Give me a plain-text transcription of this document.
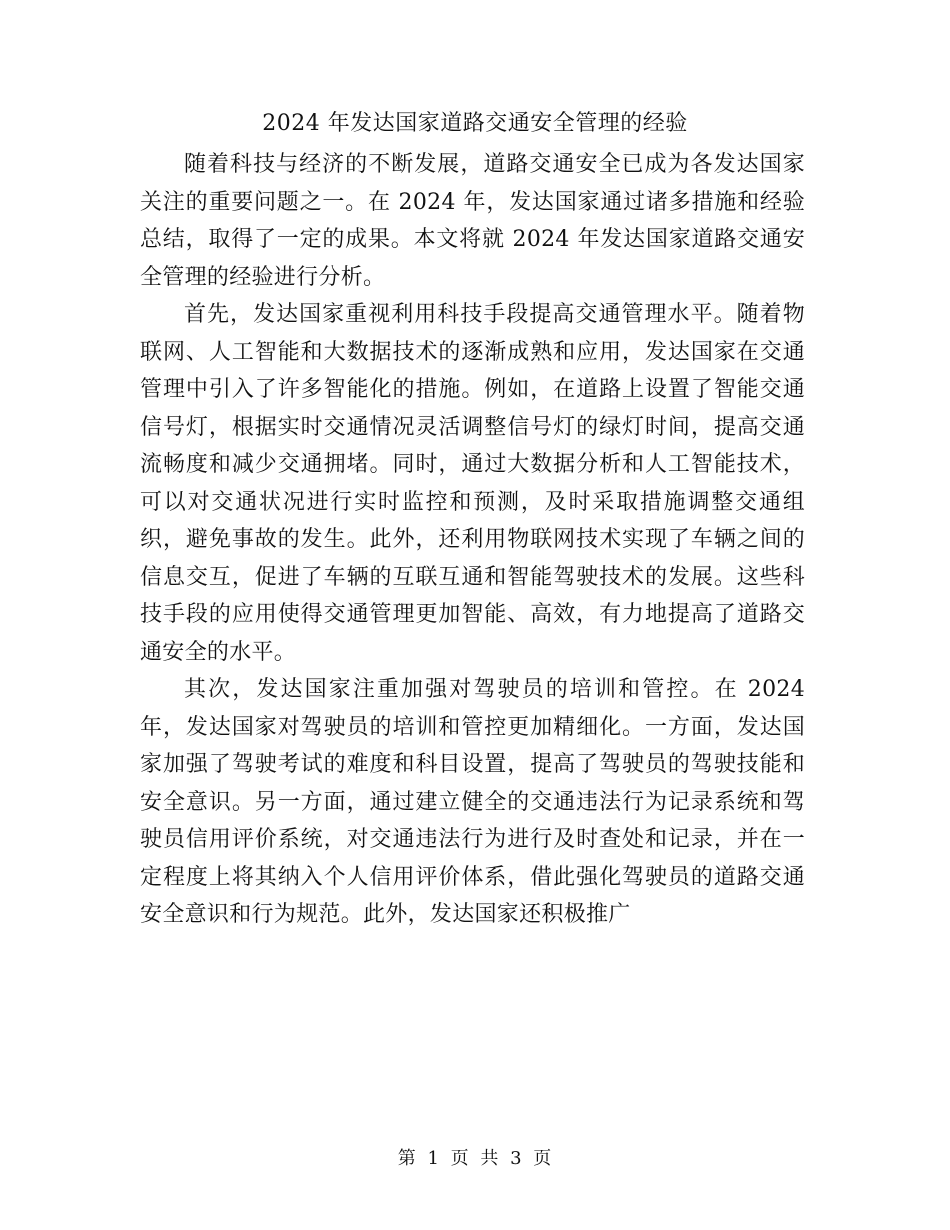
2024 年发达国家道路交通安全管理的经验

随着科技与经济的不断发展，道路交通安全已成为各发达国家关注的重要问题之一。在 2024 年，发达国家通过诸多措施和经验总结，取得了一定的成果。本文将就 2024 年发达国家道路交通安全管理的经验进行分析。

首先，发达国家重视利用科技手段提高交通管理水平。随着物联网、人工智能和大数据技术的逐渐成熟和应用，发达国家在交通管理中引入了许多智能化的措施。例如，在道路上设置了智能交通信号灯，根据实时交通情况灵活调整信号灯的绿灯时间，提高交通流畅度和减少交通拥堵。同时，通过大数据分析和人工智能技术，可以对交通状况进行实时监控和预测，及时采取措施调整交通组织，避免事故的发生。此外，还利用物联网技术实现了车辆之间的信息交互，促进了车辆的互联互通和智能驾驶技术的发展。这些科技手段的应用使得交通管理更加智能、高效，有力地提高了道路交通安全的水平。

其次，发达国家注重加强对驾驶员的培训和管控。在 2024 年，发达国家对驾驶员的培训和管控更加精细化。一方面，发达国家加强了驾驶考试的难度和科目设置，提高了驾驶员的驾驶技能和安全意识。另一方面，通过建立健全的交通违法行为记录系统和驾驶员信用评价系统，对交通违法行为进行及时查处和记录，并在一定程度上将其纳入个人信用评价体系，借此强化驾驶员的道路交通安全意识和行为规范。此外，发达国家还积极推广

第 1 页 共 3 页
